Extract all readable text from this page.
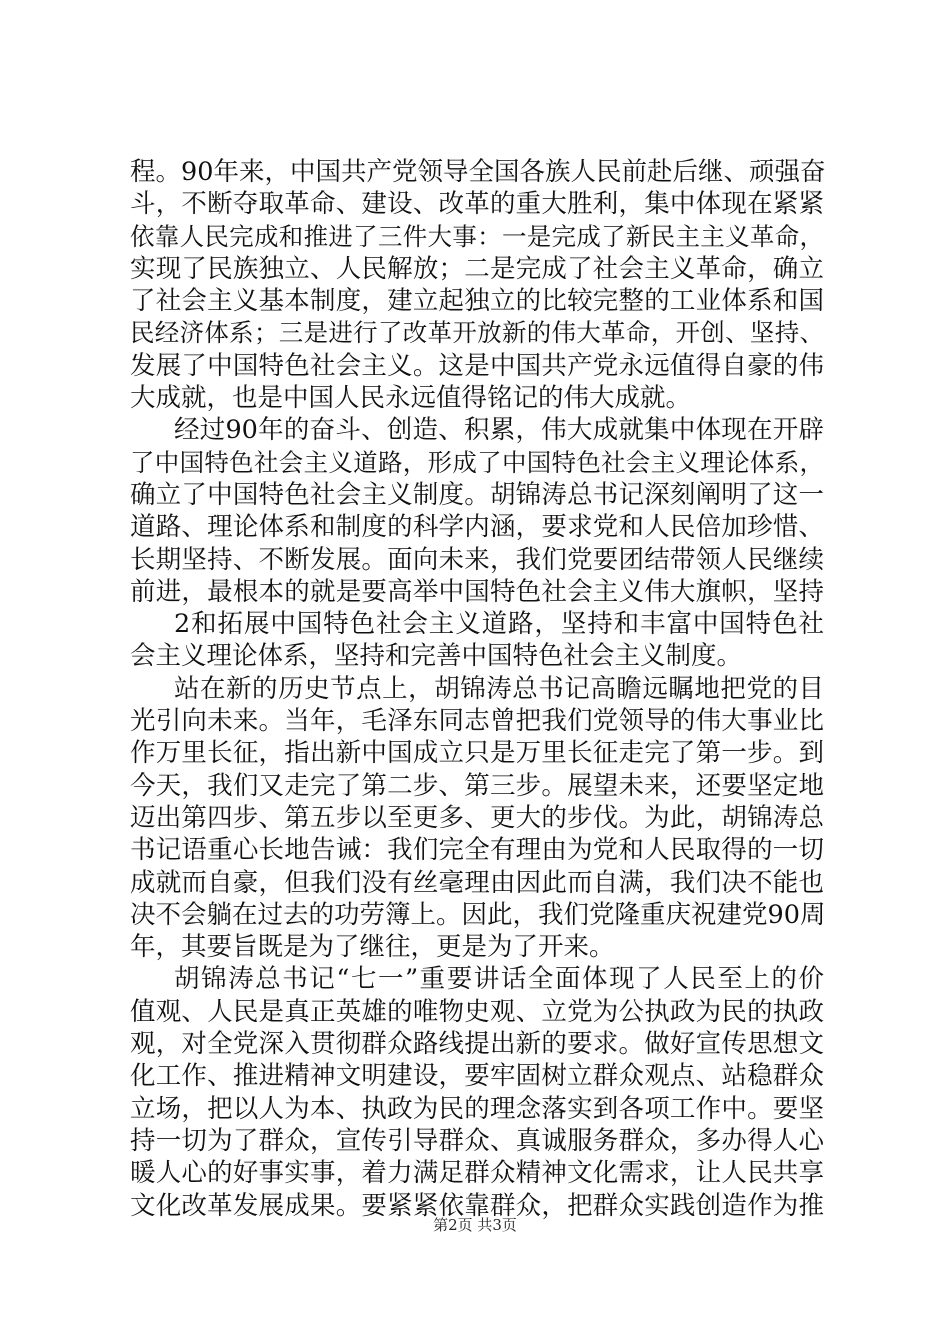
程。90年来，中国共产党领导全国各族人民前赴后继、顽强奋
斗，不断夺取革命、建设、改革的重大胜利，集中体现在紧紧
依靠人民完成和推进了三件大事：一是完成了新民主主义革命，
实现了民族独立、人民解放；二是完成了社会主义革命，确立
了社会主义基本制度，建立起独立的比较完整的工业体系和国
民经济体系；三是进行了改革开放新的伟大革命，开创、坚持、
发展了中国特色社会主义。这是中国共产党永远值得自豪的伟
大成就，也是中国人民永远值得铭记的伟大成就。
经过90年的奋斗、创造、积累，伟大成就集中体现在开辟
了中国特色社会主义道路，形成了中国特色社会主义理论体系，
确立了中国特色社会主义制度。胡锦涛总书记深刻阐明了这一
道路、理论体系和制度的科学内涵，要求党和人民倍加珍惜、
长期坚持、不断发展。面向未来，我们党要团结带领人民继续
前进，最根本的就是要高举中国特色社会主义伟大旗帜，坚持
2和拓展中国特色社会主义道路，坚持和丰富中国特色社
会主义理论体系，坚持和完善中国特色社会主义制度。
站在新的历史节点上，胡锦涛总书记高瞻远瞩地把党的目
光引向未来。当年，毛泽东同志曾把我们党领导的伟大事业比
作万里长征，指出新中国成立只是万里长征走完了第一步。到
今天，我们又走完了第二步、第三步。展望未来，还要坚定地
迈出第四步、第五步以至更多、更大的步伐。为此，胡锦涛总
书记语重心长地告诫：我们完全有理由为党和人民取得的一切
成就而自豪，但我们没有丝毫理由因此而自满，我们决不能也
决不会躺在过去的功劳簿上。因此，我们党隆重庆祝建党90周
年，其要旨既是为了继往，更是为了开来。
胡锦涛总书记“七一”重要讲话全面体现了人民至上的价
值观、人民是真正英雄的唯物史观、立党为公执政为民的执政
观，对全党深入贯彻群众路线提出新的要求。做好宣传思想文
化工作、推进精神文明建设，要牢固树立群众观点、站稳群众
立场，把以人为本、执政为民的理念落实到各项工作中。要坚
持一切为了群众，宣传引导群众、真诚服务群众，多办得人心
暖人心的好事实事，着力满足群众精神文化需求，让人民共享
文化改革发展成果。要紧紧依靠群众，把群众实践创造作为推
第2页 共3页
